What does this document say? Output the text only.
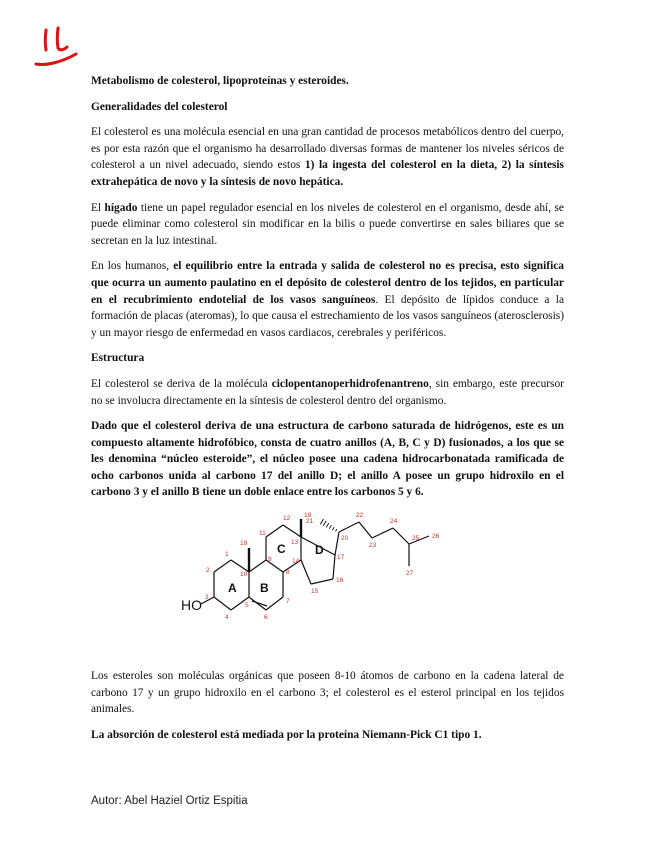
Metabolismo de colesterol, lipoproteínas y esteroides.

Generalidades del colesterol

El colesterol es una molécula esencial en una gran cantidad de procesos metabólicos dentro del cuerpo, es por esta razón que el organismo ha desarrollado diversas formas de mantener los niveles séricos de colesterol a un nivel adecuado, siendo estos 1) la ingesta del colesterol en la dieta, 2) la síntesis extrahepática de novo y la síntesis de novo hepática.

El hígado tiene un papel regulador esencial en los niveles de colesterol en el organismo, desde ahí, se puede eliminar como colesterol sin modificar en la bilis o puede convertirse en sales biliares que se secretan en la luz intestinal.

En los humanos, el equilibrio entre la entrada y salida de colesterol no es precisa, esto significa que ocurra un aumento paulatino en el depósito de colesterol dentro de los tejidos, en particular en el recubrimiento endotelial de los vasos sanguíneos. El depósito de lípidos conduce a la formación de placas (ateromas), lo que causa el estrechamiento de los vasos sanguíneos (aterosclerosis) y un mayor riesgo de enfermedad en vasos cardiacos, cerebrales y periféricos.

Estructura

El colesterol se deriva de la molécula ciclopentanoperhidrofenantreno, sin embargo, este precursor no se involucra directamente en la síntesis de colesterol dentro del organismo.

Dado que el colesterol deriva de una estructura de carbono saturada de hidrógenos, este es un compuesto altamente hidrofóbico, consta de cuatro anillos (A, B, C y D) fusionados, a los que se les denomina “núcleo esteroide”, el núcleo posee una cadena hidrocarbonatada ramificada de ocho carbonos unida al carbono 17 del anillo D; el anillo A posee un grupo hidroxilo en el carbono 3 y el anillo B tiene un doble enlace entre los carbonos 5 y 6.

HO
A B
C D
1
2
3
4
5
6
7
8
9
10
11
12
13
14
15
16
17
18
19
20
21
22
23
24
25 26
27

Los esteroles son moléculas orgánicas que poseen 8-10 átomos de carbono en la cadena lateral de carbono 17 y un grupo hidroxilo en el carbono 3; el colesterol es el esterol principal en los tejidos animales.

La absorción de colesterol está mediada por la proteína Niemann-Pick C1 tipo 1.

Autor: Abel Haziel Ortiz Espitia
